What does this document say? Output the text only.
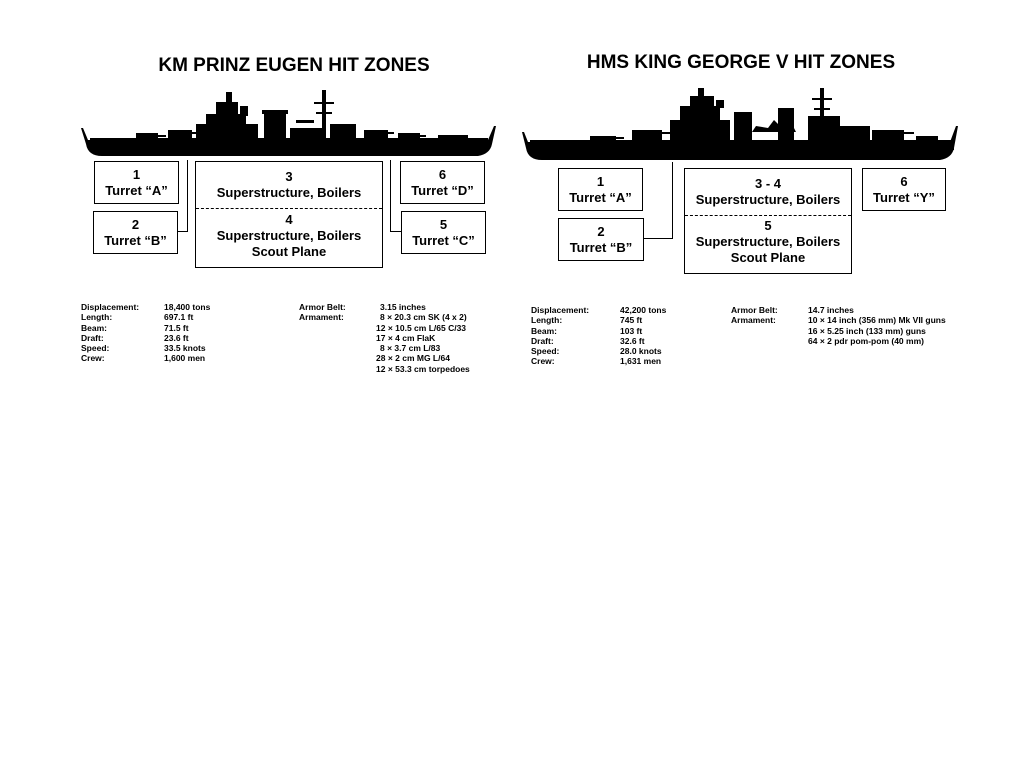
KM PRINZ EUGEN HIT ZONES
1
Turret “A”
2
Turret “B”
3
Superstructure, Boilers
4
Superstructure, Boilers
Scout Plane
6
Turret “D”
5
Turret “C”
Displacement:	18,400 tons
Length:	697.1 ft
Beam:	71.5 ft
Draft:	23.6 ft
Speed:	33.5 knots
Crew:	1,600 men
Armor Belt:	3.15 inches
Armament:	8 × 20.3 cm SK (4 x 2)
12 × 10.5 cm L/65 C/33
17 × 4 cm FlaK
8 × 3.7 cm L/83
28 × 2 cm MG L/64
12 × 53.3 cm torpedoes
HMS KING GEORGE V HIT ZONES
1
Turret “A”
2
Turret “B”
3 - 4
Superstructure, Boilers
5
Superstructure, Boilers
Scout Plane
6
Turret “Y”
Displacement:	42,200 tons
Length:	745 ft
Beam:	103 ft
Draft:	32.6 ft
Speed:	28.0 knots
Crew:	1,631 men
Armor Belt:	14.7 inches
Armament:	10 × 14 inch (356 mm) Mk VII guns
16 × 5.25 inch (133 mm) guns
64 × 2 pdr pom-pom (40 mm)
